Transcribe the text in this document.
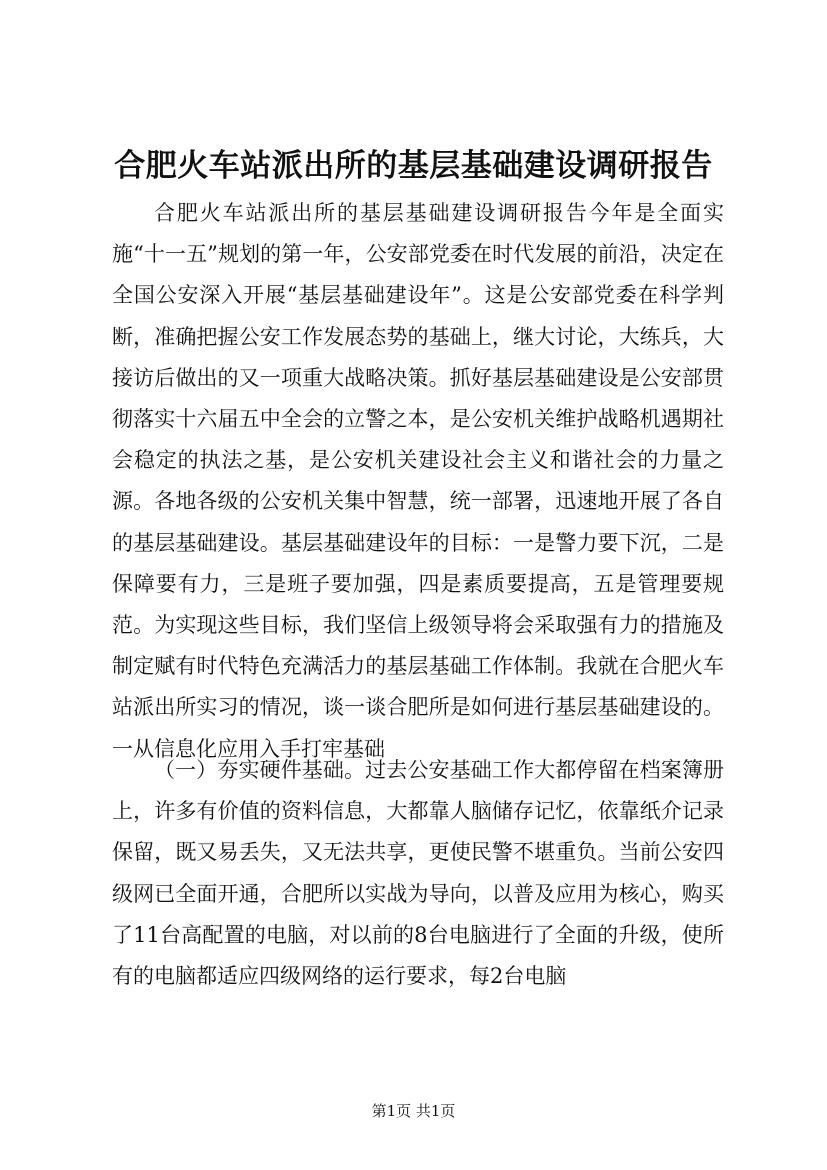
合肥火车站派出所的基层基础建设调研报告

合肥火车站派出所的基层基础建设调研报告今年是全面实施“十一五”规划的第一年，公安部党委在时代发展的前沿，决定在全国公安深入开展“基层基础建设年”。这是公安部党委在科学判断，准确把握公安工作发展态势的基础上，继大讨论，大练兵，大接访后做出的又一项重大战略决策。抓好基层基础建设是公安部贯彻落实十六届五中全会的立警之本，是公安机关维护战略机遇期社会稳定的执法之基，是公安机关建设社会主义和谐社会的力量之源。各地各级的公安机关集中智慧，统一部署，迅速地开展了各自的基层基础建设。基层基础建设年的目标：一是警力要下沉，二是保障要有力，三是班子要加强，四是素质要提高，五是管理要规范。为实现这些目标，我们坚信上级领导将会采取强有力的措施及制定赋有时代特色充满活力的基层基础工作体制。我就在合肥火车站派出所实习的情况，谈一谈合肥所是如何进行基层基础建设的。一从信息化应用入手打牢基础

（一）夯实硬件基础。过去公安基础工作大都停留在档案簿册上，许多有价值的资料信息，大都靠人脑储存记忆，依靠纸介记录保留，既又易丢失，又无法共享，更使民警不堪重负。当前公安四级网已全面开通，合肥所以实战为导向，以普及应用为核心，购买了11台高配置的电脑，对以前的8台电脑进行了全面的升级，使所有的电脑都适应四级网络的运行要求，每2台电脑

第1页 共1页
